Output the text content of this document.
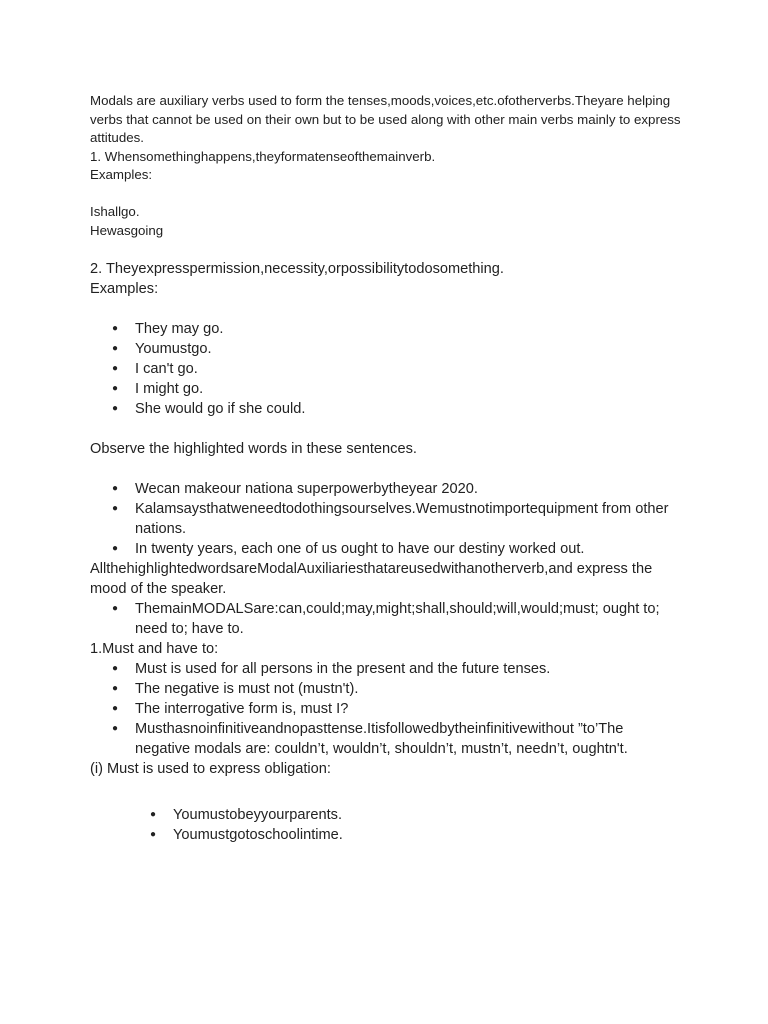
Modals are auxiliary verbs used to form the tenses,moods,voices,etc.ofotherverbs.Theyare helping verbs that cannot be used on their own but to be used along with other main verbs mainly to express attitudes.

1. Whensomethinghappens,theyformatenseofthemainverb.

Examples:

Ishallgo.

Hewasgoing

2. Theyexpresspermission,necessity,orpossibilitytodosomething.

Examples:

● They may go.
● Youmustgo.
● I can't go.
● I might go.
● She would go if she could.

Observe the highlighted words in these sentences.

● Wecan makeour nationa superpowerbytheyear 2020.
● Kalamsaysthatweneedtodothingsourselves.Wemustnotimportequipment from other nations.
● In twenty years, each one of us ought to have our destiny worked out.

AllthehighlightedwordsareModalAuxiliariesthatareusedwithanotherverb,and express the mood of the speaker.

● ThemainMODALSare:can,could;may,might;shall,should;will,would;must; ought to; need to; have to.

1.Must and have to:

● Must is used for all persons in the present and the future tenses.
● The negative is must not (mustn't).
● The interrogative form is, must I?
● Musthasnoinfinitiveandnopasttense.Itisfollowedbytheinfinitivewithout ”to’The negative modals are: couldn’t, wouldn’t, shouldn’t, mustn’t, needn’t, oughtn't.

(i) Must is used to express obligation:

● Youmustobeyyourparents.
● Youmustgotoschoolintime.
